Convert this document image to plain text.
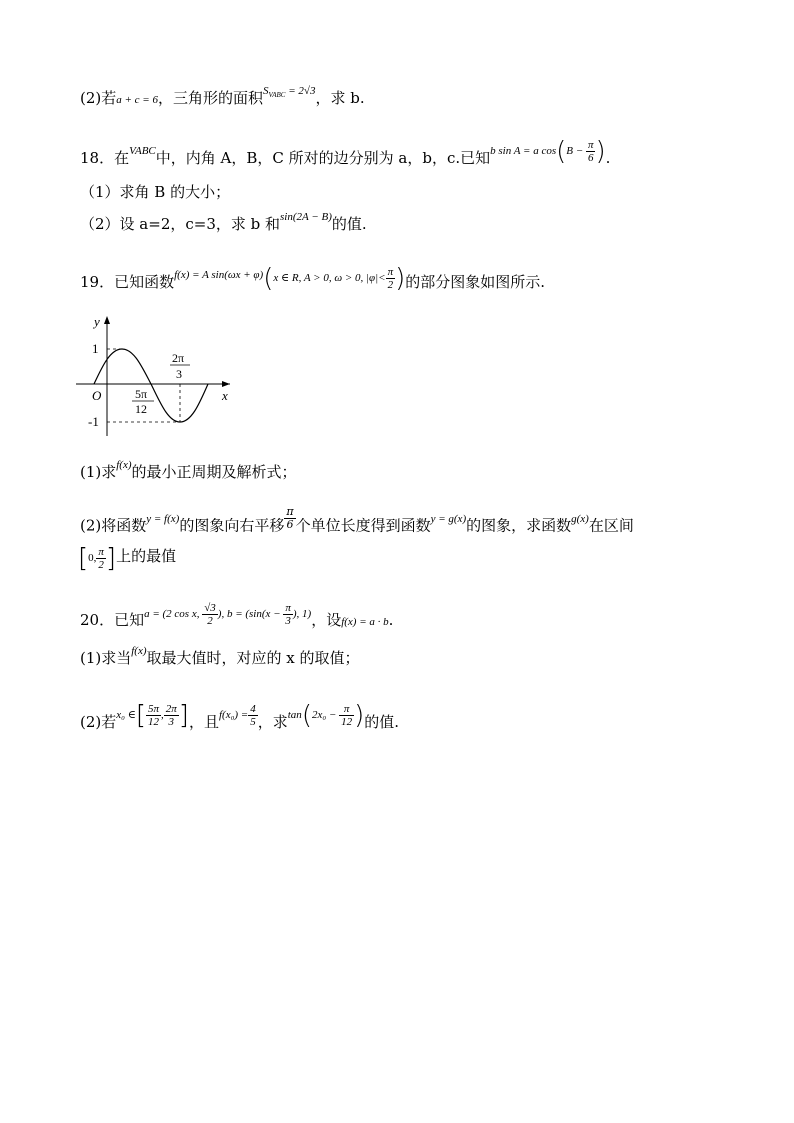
(2)若a + c = 6，三角形的面积$^{S_{VABC} = 2√3}$，求 b.
18．在$^{VABC}$中，内角 A，B，C 所对的边分别为 a，b，c.已知$^{b sin A = a cos(B - \frac{\pi}{6} )}$.
（1）求角 B 的大小；
（2）设 a=2，c=3，求 b 和$^{sin(2A - B)}$的值.
19．已知函数$^{f(x) = A sin(\omega x + \varphi)(x \in R, A > 0, \omega > 0, |\varphi|< \frac{\pi}{2} )}$的部分图象如图所示.
y
x
O
1
-1
5π
12
2π
3
(1)求$^{f(x)}$的最小正周期及解析式；
(2)将函数$^{y = f(x)}$的图象向右平移 $\frac{\pi}{6}$ 个单位长度得到函数$^{y = g(x)}$的图象，求函数$^{g(x)}$在区间
[0, $\frac{\pi}{2}$ ]上的最值
20．已知$^{a = (2 cos x, \frac{√3}{2} ), b = (sin(x - \frac{\pi}{3} ), 1)}$，设f(x) = a · b.
(1)求当$^{f(x)}$取最大值时，对应的 x 的取值；
(2)若$^{x_0 \in[ \frac{5\pi}{12} , \frac{2\pi}{3} ]}$，且$^{f(x_0) = \frac{4}{5}}$ ，求$^{tan(2x_0 - \frac{\pi}{12} )}$的值.
